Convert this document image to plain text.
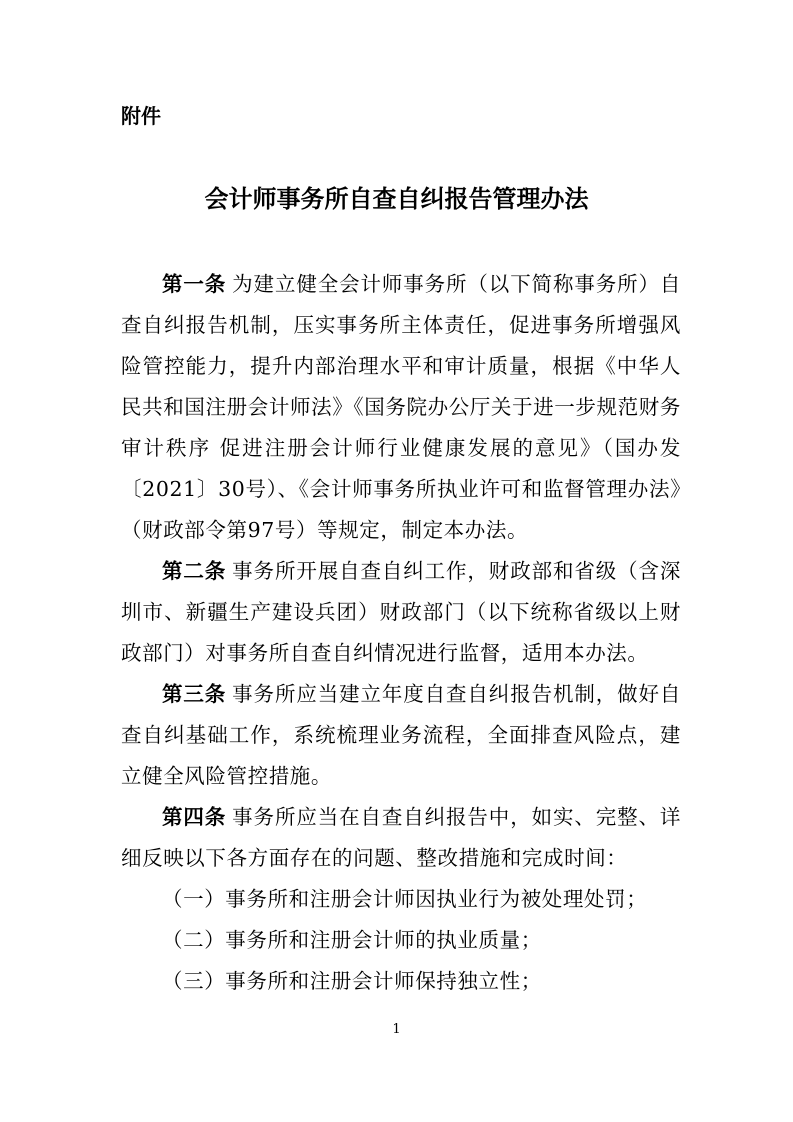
附件

会计师事务所自查自纠报告管理办法

第一条 为建立健全会计师事务所（以下简称事务所）自查自纠报告机制，压实事务所主体责任，促进事务所增强风险管控能力，提升内部治理水平和审计质量，根据《中华人民共和国注册会计师法》《国务院办公厅关于进一步规范财务审计秩序 促进注册会计师行业健康发展的意见》（国办发〔2021〕30号）、《会计师事务所执业许可和监督管理办法》（财政部令第97号）等规定，制定本办法。

第二条 事务所开展自查自纠工作，财政部和省级（含深圳市、新疆生产建设兵团）财政部门（以下统称省级以上财政部门）对事务所自查自纠情况进行监督，适用本办法。

第三条 事务所应当建立年度自查自纠报告机制，做好自查自纠基础工作，系统梳理业务流程，全面排查风险点，建立健全风险管控措施。

第四条 事务所应当在自查自纠报告中，如实、完整、详细反映以下各方面存在的问题、整改措施和完成时间：

（一）事务所和注册会计师因执业行为被处理处罚；

（二）事务所和注册会计师的执业质量；

（三）事务所和注册会计师保持独立性；

1
